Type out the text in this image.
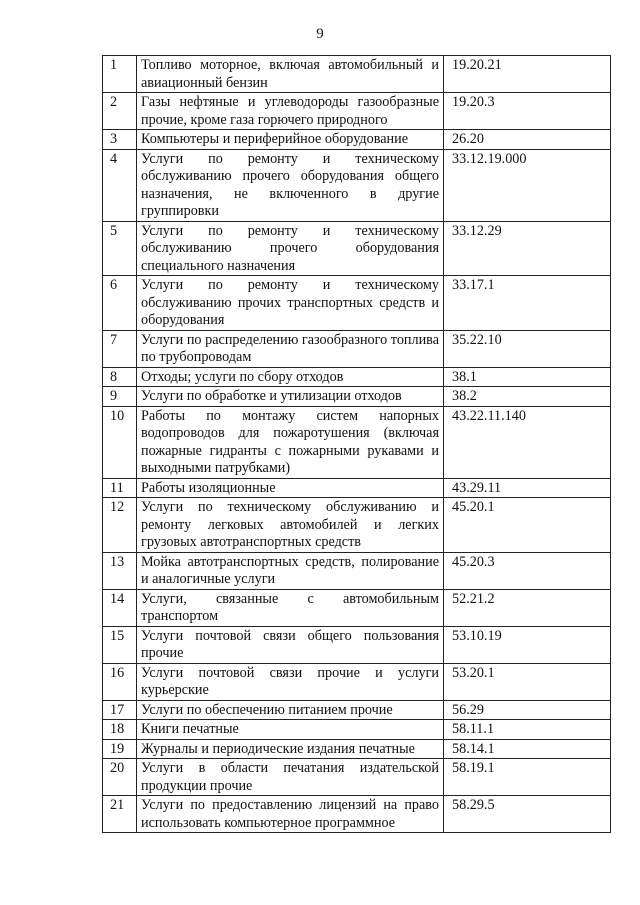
9
1	Топливо моторное, включая автомобильный и авиационный бензин	19.20.21
2	Газы нефтяные и углеводороды газообразные прочие, кроме газа горючего природного	19.20.3
3	Компьютеры и периферийное оборудование	26.20
4	Услуги по ремонту и техническому обслуживанию прочего оборудования общего назначения, не включенного в другие группировки	33.12.19.000
5	Услуги по ремонту и техническому обслуживанию прочего оборудования специального назначения	33.12.29
6	Услуги по ремонту и техническому обслуживанию прочих транспортных средств и оборудования	33.17.1
7	Услуги по распределению газообразного топлива по трубопроводам	35.22.10
8	Отходы; услуги по сбору отходов	38.1
9	Услуги по обработке и утилизации отходов	38.2
10	Работы по монтажу систем напорных водопроводов для пожаротушения (включая пожарные гидранты с пожарными рукавами и выходными патрубками)	43.22.11.140
11	Работы изоляционные	43.29.11
12	Услуги по техническому обслуживанию и ремонту легковых автомобилей и легких грузовых автотранспортных средств	45.20.1
13	Мойка автотранспортных средств, полирование и аналогичные услуги	45.20.3
14	Услуги, связанные с автомобильным транспортом	52.21.2
15	Услуги почтовой связи общего пользования прочие	53.10.19
16	Услуги почтовой связи прочие и услуги курьерские	53.20.1
17	Услуги по обеспечению питанием прочие	56.29
18	Книги печатные	58.11.1
19	Журналы и периодические издания печатные	58.14.1
20	Услуги в области печатания издательской продукции прочие	58.19.1
21	Услуги по предоставлению лицензий на право использовать компьютерное программное	58.29.5
